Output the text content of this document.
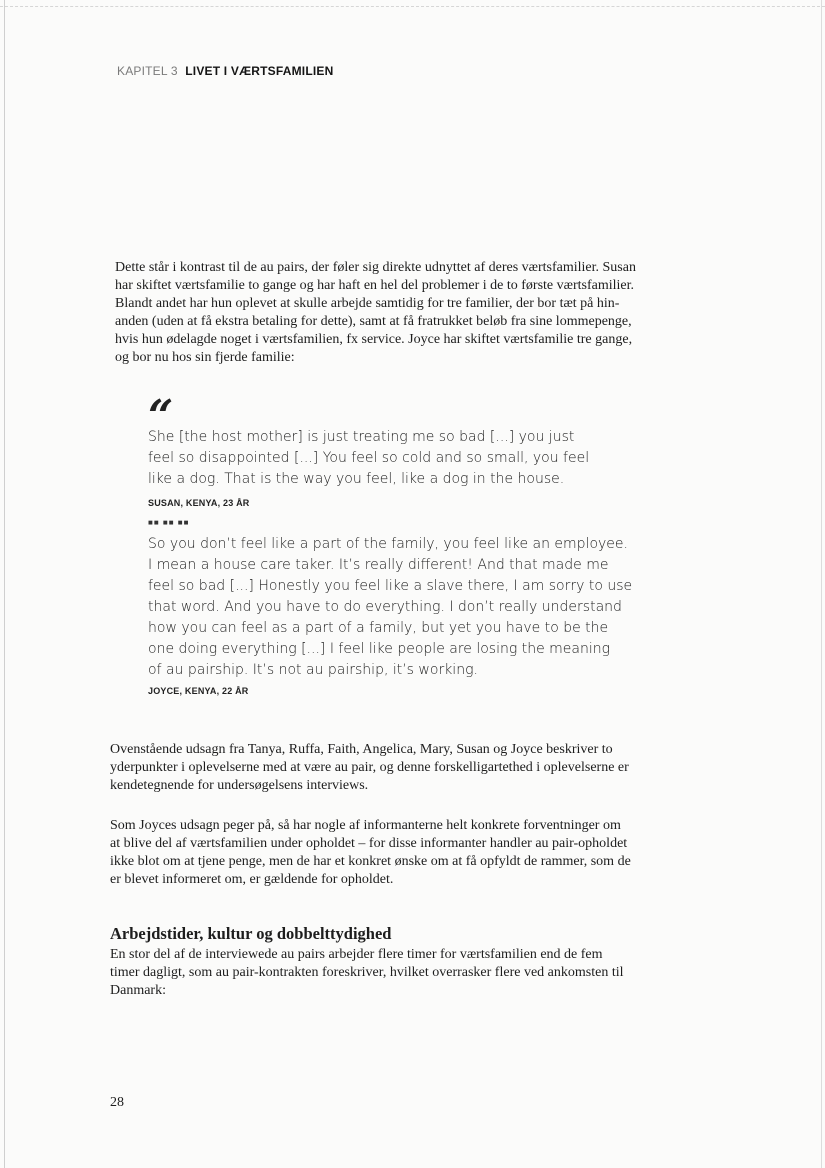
KAPITEL 3 LIVET I VÆRTSFAMILIEN

Dette står i kontrast til de au pairs, der føler sig direkte udnyttet af deres værtsfamilier. Susan
har skiftet værtsfamilie to gange og har haft en hel del problemer i de to første værtsfamilier.
Blandt andet har hun oplevet at skulle arbejde samtidig for tre familier, der bor tæt på hin-
anden (uden at få ekstra betaling for dette), samt at få fratrukket beløb fra sine lommepenge,
hvis hun ødelagde noget i værtsfamilien, fx service. Joyce har skiftet værtsfamilie tre gange,
og bor nu hos sin fjerde familie:

“

She [the host mother] is just treating me so bad [...] you just
feel so disappointed [...] You feel so cold and so small, you feel
like a dog. That is the way you feel, like a dog in the house.

SUSAN, KENYA, 23 ÅR
■■ ■■ ■■

So you don’t feel like a part of the family, you feel like an employee.
I mean a house care taker. It’s really different! And that made me
feel so bad [...] Honestly you feel like a slave there, I am sorry to use
that word. And you have to do everything. I don’t really understand
how you can feel as a part of a family, but yet you have to be the
one doing everything [...] I feel like people are losing the meaning
of au pairship. It’s not au pairship, it’s working.

JOYCE, KENYA, 22 ÅR

Ovenstående udsagn fra Tanya, Ruffa, Faith, Angelica, Mary, Susan og Joyce beskriver to
yderpunkter i oplevelserne med at være au pair, og denne forskelligartethed i oplevelserne er
kendetegnende for undersøgelsens interviews.

Som Joyces udsagn peger på, så har nogle af informanterne helt konkrete forventninger om
at blive del af værtsfamilien under opholdet – for disse informanter handler au pair-opholdet
ikke blot om at tjene penge, men de har et konkret ønske om at få opfyldt de rammer, som de
er blevet informeret om, er gældende for opholdet.

Arbejdstider, kultur og dobbelttydighed

En stor del af de interviewede au pairs arbejder flere timer for værtsfamilien end de fem
timer dagligt, som au pair-kontrakten foreskriver, hvilket overrasker flere ved ankomsten til
Danmark:

28
